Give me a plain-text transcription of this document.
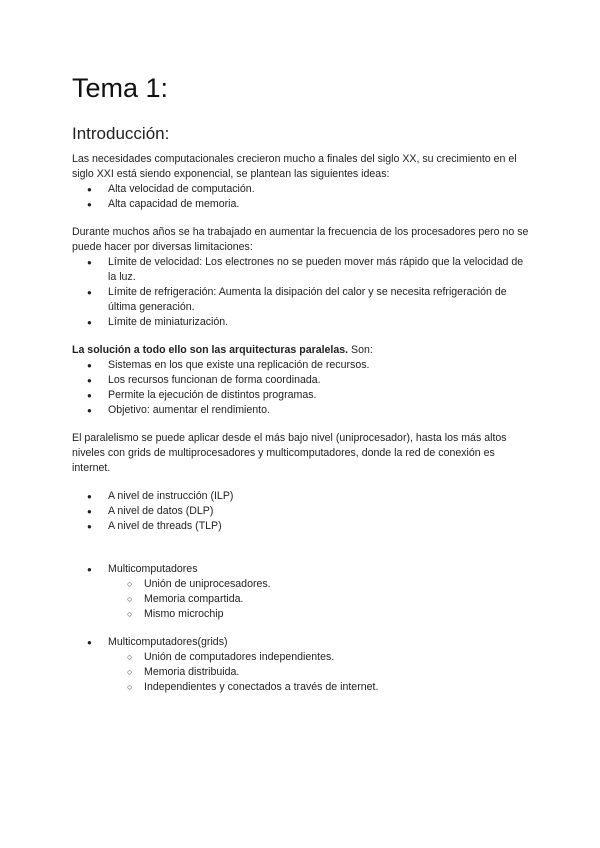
Tema 1:
Introducción:

Las necesidades computacionales crecieron mucho a finales del siglo XX, su crecimiento en el siglo XXI está siendo exponencial, se plantean las siguientes ideas:

● Alta velocidad de computación.
● Alta capacidad de memoria.

Durante muchos años se ha trabajado en aumentar la frecuencia de los procesadores pero no se puede hacer por diversas limitaciones:

● Límite de velocidad: Los electrones no se pueden mover más rápido que la velocidad de la luz.
● Límite de refrigeración: Aumenta la disipación del calor y se necesita refrigeración de última generación.
● Límite de miniaturización.

La solución a todo ello son las arquitecturas paralelas. Son:

● Sistemas en los que existe una replicación de recursos.
● Los recursos funcionan de forma coordinada.
● Permite la ejecución de distintos programas.
● Objetivo: aumentar el rendimiento.

El paralelismo se puede aplicar desde el más bajo nivel (uniprocesador), hasta los más altos niveles con grids de multiprocesadores y multicomputadores, donde la red de conexión es internet.

● A nivel de instrucción (ILP)
● A nivel de datos (DLP)
● A nivel de threads (TLP)
● Multicomputadores
○ Unión de uniprocesadores.
○ Memoria compartida.
○ Mismo microchip
● Multicomputadores(grids)
○ Unión de computadores independientes.
○ Memoria distribuida.
○ Independientes y conectados a través de internet.
